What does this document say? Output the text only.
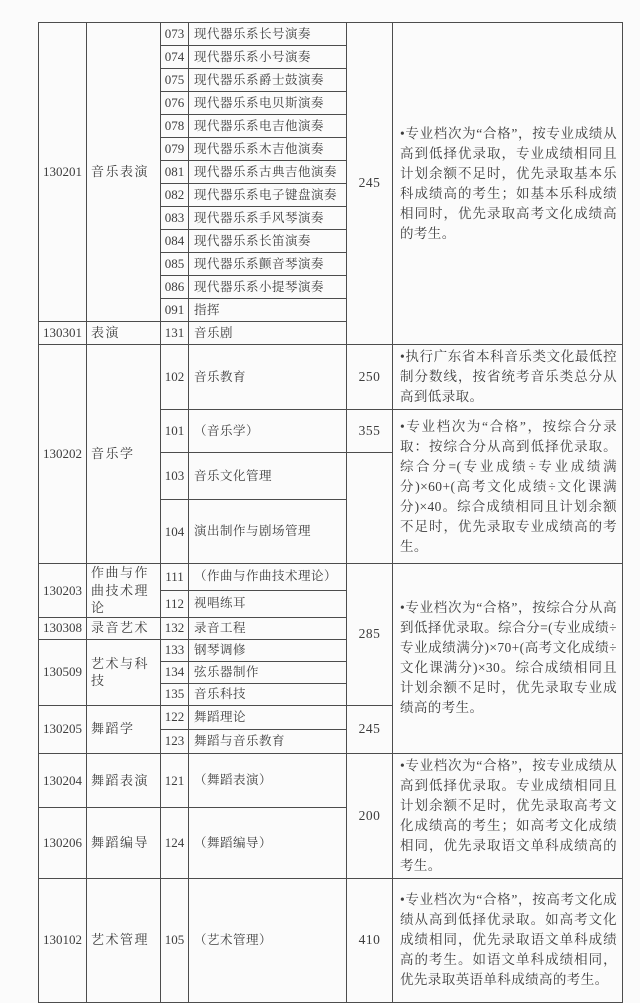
130201	音乐表演	073	现代器乐系长号演奏	245	•专业档次为“合格”，按专业成绩从高到低择优录取，专业成绩相同且计划余额不足时，优先录取基本乐科成绩高的考生；如基本乐科成绩相同时，优先录取高考文化成绩高的考生。
		074	现代器乐系小号演奏		
		075	现代器乐系爵士鼓演奏		
		076	现代器乐系电贝斯演奏		
		078	现代器乐系电吉他演奏		
		079	现代器乐系木吉他演奏		
		081	现代器乐系古典吉他演奏		
		082	现代器乐系电子键盘演奏		
		083	现代器乐系手风琴演奏		
		084	现代器乐系长笛演奏		
		085	现代器乐系颤音琴演奏		
		086	现代器乐系小提琴演奏		
		091	指挥		
130301	表演	131	音乐剧		
130202	音乐学	102	音乐教育	250	•执行广东省本科音乐类文化最低控制分数线，按省统考音乐类总分从高到低录取。
		101	（音乐学）	355	•专业档次为“合格”，按综合分录取：按综合分从高到低择优录取。综合分=(专业成绩÷专业成绩满分)×60+(高考文化成绩÷文化课满分)×40。综合成绩相同且计划余额不足时，优先录取专业成绩高的考生。
		103	音乐文化管理		
		104	演出制作与剧场管理		
130203	作曲与作曲技术理论	111	（作曲与作曲技术理论）	285	•专业档次为“合格”，按综合分从高到低择优录取。综合分=(专业成绩÷专业成绩满分)×70+(高考文化成绩÷文化课满分)×30。综合成绩相同且计划余额不足时，优先录取专业成绩高的考生。
		112	视唱练耳		
130308	录音艺术	132	录音工程		
130509	艺术与科技	133	钢琴调修		
		134	弦乐器制作		
		135	音乐科技		
130205	舞蹈学	122	舞蹈理论	245	
		123	舞蹈与音乐教育		
130204	舞蹈表演	121	（舞蹈表演）	200	•专业档次为“合格”，按专业成绩从高到低择优录取。专业成绩相同且计划余额不足时，优先录取高考文化成绩高的考生；如高考文化成绩相同，优先录取语文单科成绩高的考生。
130206	舞蹈编导	124	（舞蹈编导）		
130102	艺术管理	105	（艺术管理）	410	•专业档次为“合格”，按高考文化成绩从高到低择优录取。如高考文化成绩相同，优先录取语文单科成绩高的考生。如语文单科成绩相同，优先录取英语单科成绩高的考生。
